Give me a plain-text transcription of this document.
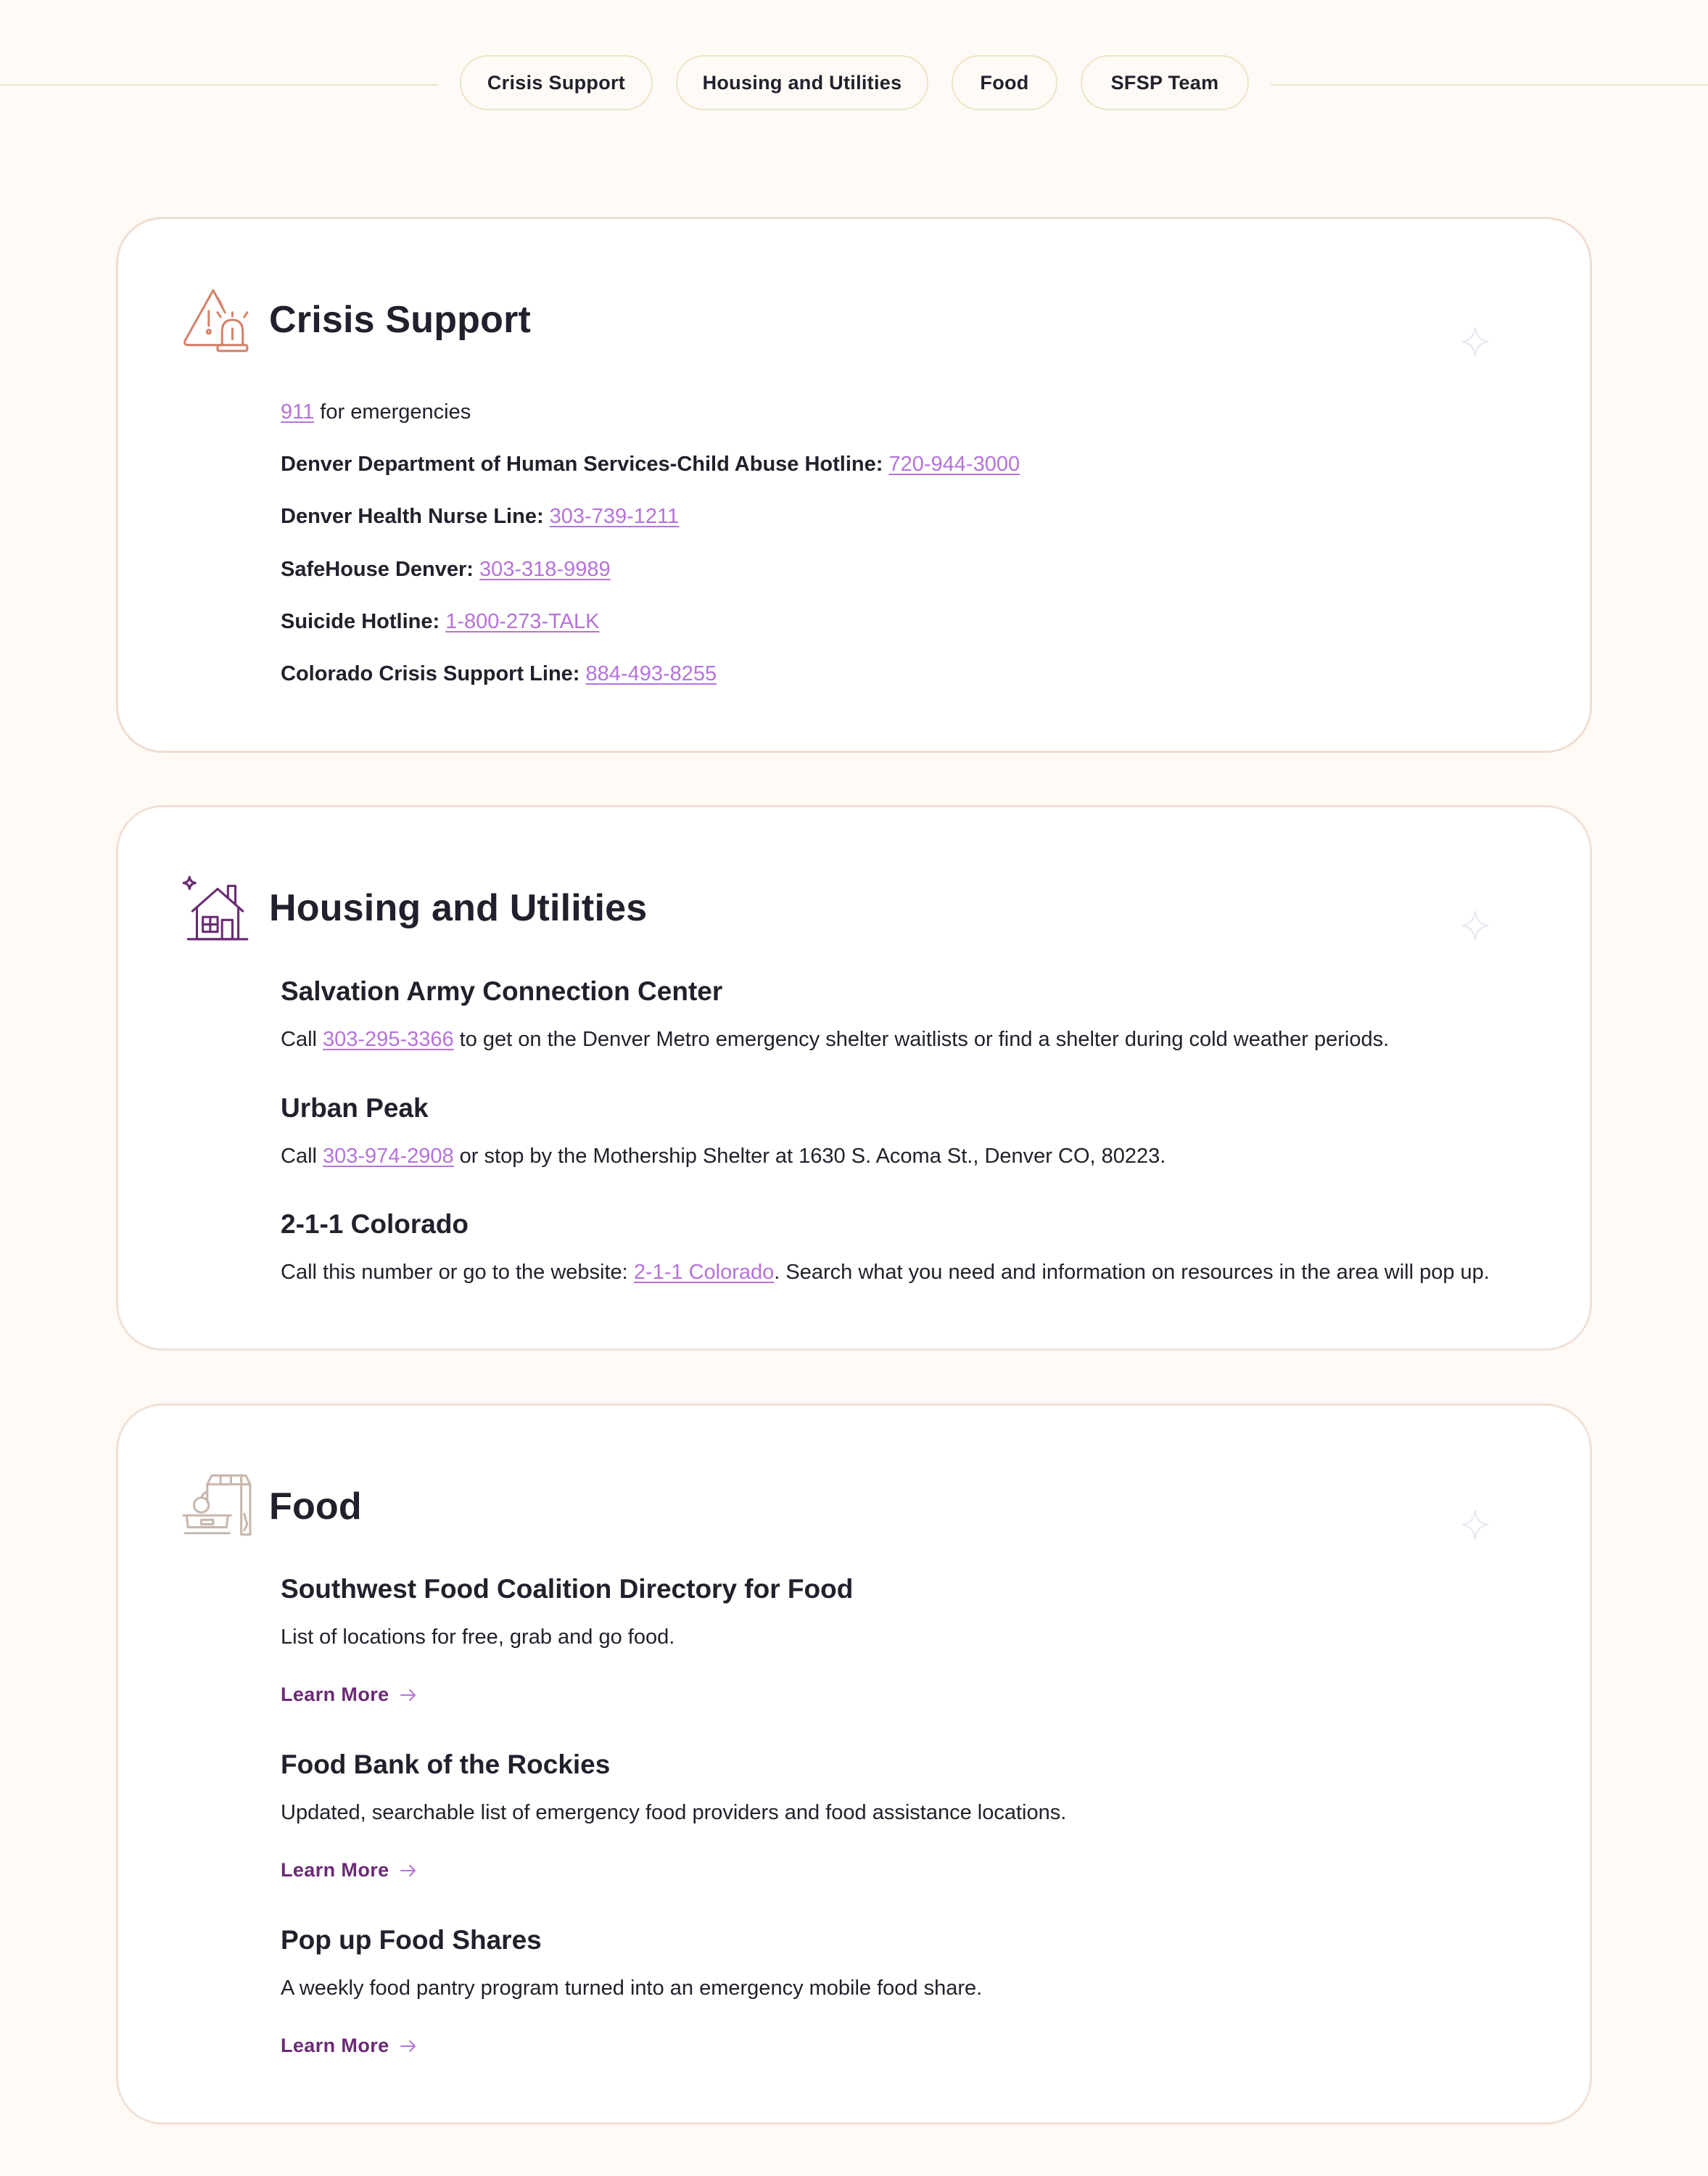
Crisis Support	Housing and Utilities	Food	SFSP Team
Crisis Support
911 for emergencies
Denver Department of Human Services-Child Abuse Hotline: 720-944-3000
Denver Health Nurse Line: 303-739-1211
SafeHouse Denver: 303-318-9989
Suicide Hotline: 1-800-273-TALK
Colorado Crisis Support Line: 884-493-8255
Housing and Utilities
Salvation Army Connection Center
Call 303-295-3366 to get on the Denver Metro emergency shelter waitlists or find a shelter during cold weather periods.
Urban Peak
Call 303-974-2908 or stop by the Mothership Shelter at 1630 S. Acoma St., Denver CO, 80223.
2-1-1 Colorado
Call this number or go to the website: 2-1-1 Colorado. Search what you need and information on resources in the area will pop up.
Food
Southwest Food Coalition Directory for Food
List of locations for free, grab and go food.
Learn More
Food Bank of the Rockies
Updated, searchable list of emergency food providers and food assistance locations.
Learn More
Pop up Food Shares
A weekly food pantry program turned into an emergency mobile food share.
Learn More
